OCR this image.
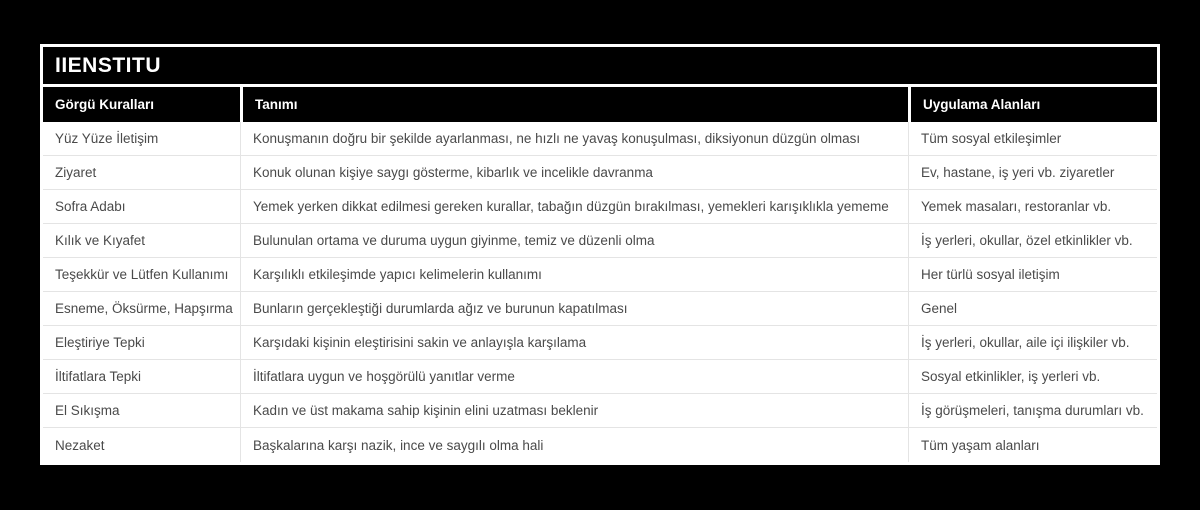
IIENSTITU
Görgü Kuralları	Tanımı	Uygulama Alanları
Yüz Yüze İletişim	Konuşmanın doğru bir şekilde ayarlanması, ne hızlı ne yavaş konuşulması, diksiyonun düzgün olması	Tüm sosyal etkileşimler
Ziyaret	Konuk olunan kişiye saygı gösterme, kibarlık ve incelikle davranma	Ev, hastane, iş yeri vb. ziyaretler
Sofra Adabı	Yemek yerken dikkat edilmesi gereken kurallar, tabağın düzgün bırakılması, yemekleri karışıklıkla yememe	Yemek masaları, restoranlar vb.
Kılık ve Kıyafet	Bulunulan ortama ve duruma uygun giyinme, temiz ve düzenli olma	İş yerleri, okullar, özel etkinlikler vb.
Teşekkür ve Lütfen Kullanımı	Karşılıklı etkileşimde yapıcı kelimelerin kullanımı	Her türlü sosyal iletişim
Esneme, Öksürme, Hapşırma	Bunların gerçekleştiği durumlarda ağız ve burunun kapatılması	Genel
Eleştiriye Tepki	Karşıdaki kişinin eleştirisini sakin ve anlayışla karşılama	İş yerleri, okullar, aile içi ilişkiler vb.
İltifatlara Tepki	İltifatlara uygun ve hoşgörülü yanıtlar verme	Sosyal etkinlikler, iş yerleri vb.
El Sıkışma	Kadın ve üst makama sahip kişinin elini uzatması beklenir	İş görüşmeleri, tanışma durumları vb.
Nezaket	Başkalarına karşı nazik, ince ve saygılı olma hali	Tüm yaşam alanları
